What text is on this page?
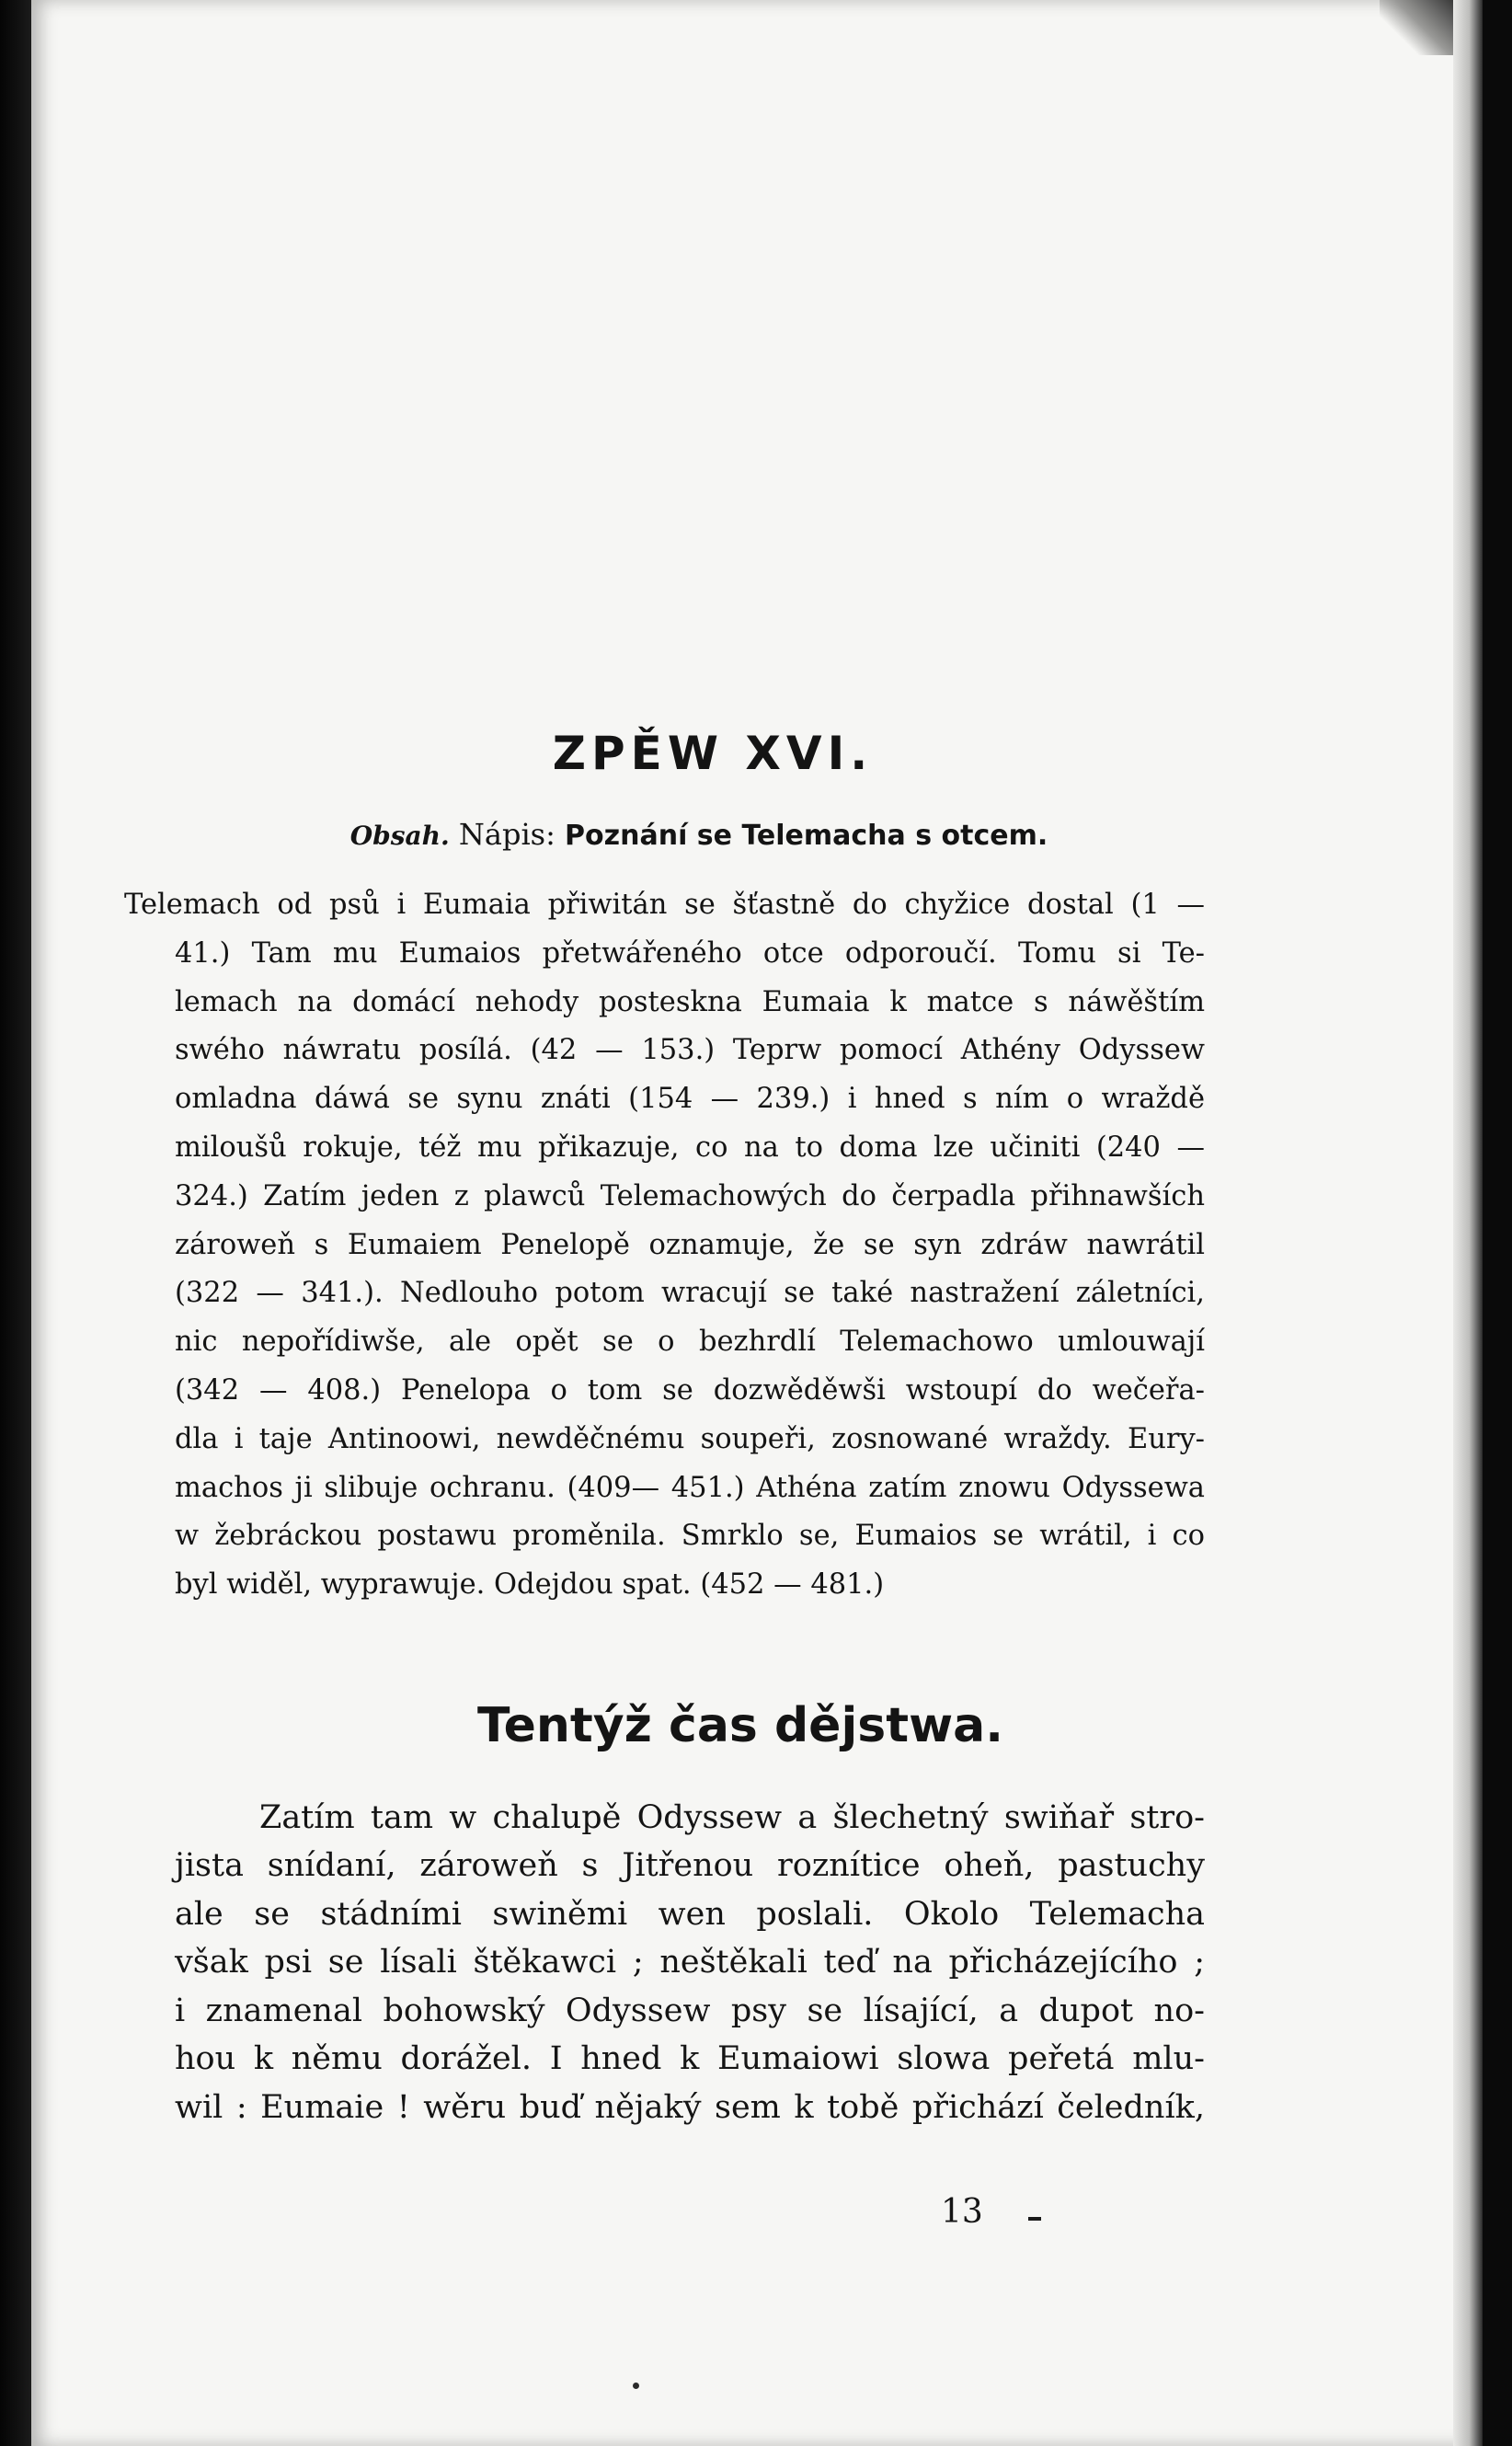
ZPĚW XVI.
Obsah. Nápis: Poznání se Telemacha s otcem.
Telemach od psů i Eumaia přiwitán se šťastně do chyžice dostal (1 —
41.) Tam mu Eumaios přetwářeného otce odporoučí. Tomu si Te-
lemach na domácí nehody posteskna Eumaia k matce s náwěštím
swého náwratu posílá. (42 — 153.) Teprw pomocí Athény Odyssew
omladna dáwá se synu znáti (154 — 239.) i hned s ním o wraždě
miloušů rokuje, též mu přikazuje, co na to doma lze učiniti (240 —
324.) Zatím jeden z plawců Telemachowých do čerpadla přihnawších
zároweň s Eumaiem Penelopě oznamuje, že se syn zdráw nawrátil
(322 — 341.). Nedlouho potom wracují se také nastražení záletníci,
nic nepořídiwše, ale opět se o bezhrdlí Telemachowo umlouwají
(342 — 408.) Penelopa o tom se dozwěděwši wstoupí do wečeřa-
dla i taje Antinoowi, newděčnému soupeři, zosnowané wraždy. Eury-
machos ji slibuje ochranu. (409— 451.) Athéna zatím znowu Odyssewa
w žebráckou postawu proměnila. Smrklo se, Eumaios se wrátil, i co
byl widěl, wyprawuje. Odejdou spat. (452 — 481.)
Tentýž čas dějstwa.
Zatím tam w chalupě Odyssew a šlechetný swiňař stro-
jista snídaní, zároweň s Jitřenou roznítice oheň, pastuchy
ale se stádními swiněmi wen poslali. Okolo Telemacha
však psi se lísali štěkawci ; neštěkali teď na přicházejícího ;
i znamenal bohowský Odyssew psy se lísající, a dupot no-
hou k němu dorážel. I hned k Eumaiowi slowa peřetá mlu-
wil : Eumaie ! wěru buď nějaký sem k tobě přichází čeledník,
13
